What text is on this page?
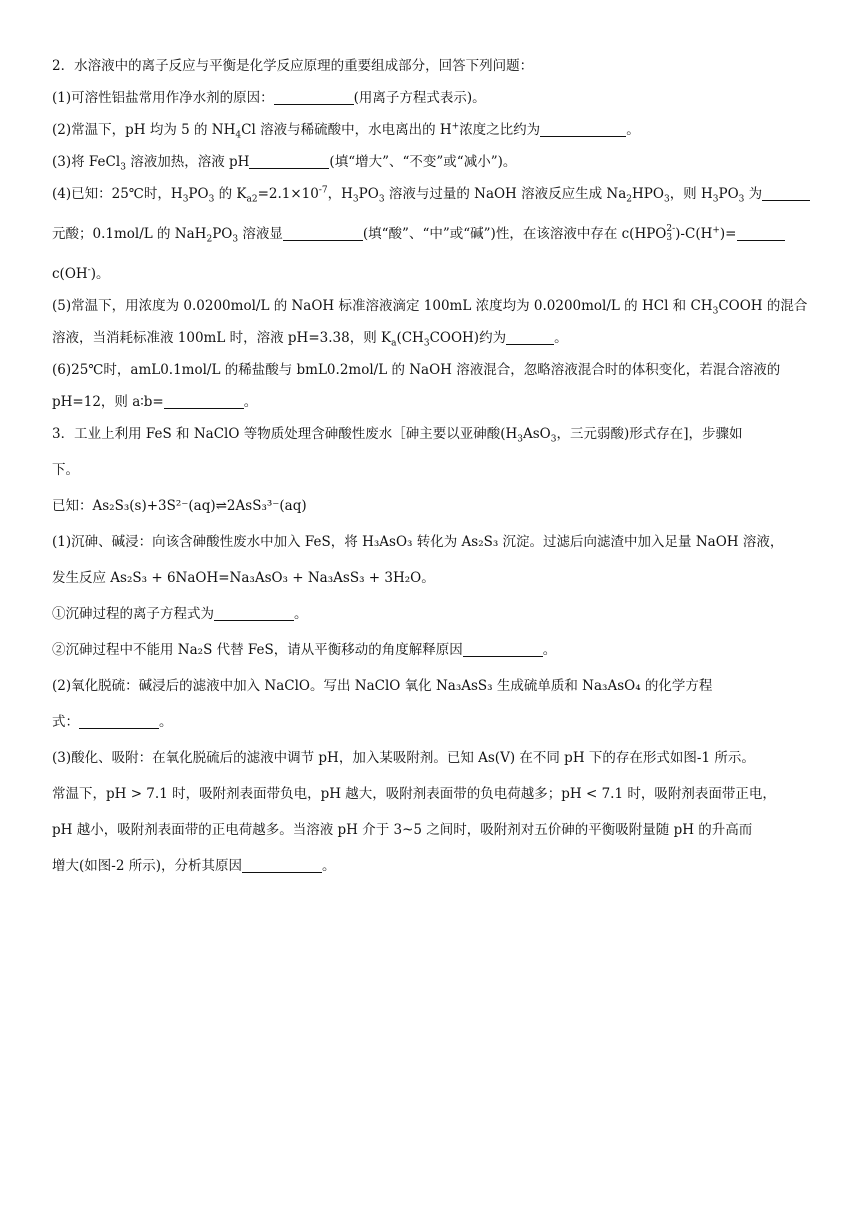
2．水溶液中的离子反应与平衡是化学反应原理的重要组成部分，回答下列问题：
(1)可溶性铝盐常用作净水剂的原因：	(用离子方程式表示)。
(2)常温下，pH 均为 5 的 $NH_4Cl$ 溶液与稀硫酸中，水电离出的 H+浓度之比约为	。
(3)将 FeCl$_3$ 溶液加热，溶液 pH	(填“增大”、“不变”或“减小”)。
(4)已知：25℃时，$H_3PO_3$ 的 $K_{a2}=2.1\times 10^{-7}$，$H_3PO_3$ 溶液与过量的 NaOH 溶液反应生成 $Na_2HPO_3$，则 $H_3PO_3$ 为
元酸；0.1mol/L 的 $NaH_2PO_3$ 溶液显	(填“酸”、“中”或“碱”)性，在该溶液中存在 c(HPO 2-
3 )-C(H+)=
c(OH-)。
(5)常温下，用浓度为 0.0200mol/L 的 NaOH 标准溶液滴定 100mL 浓度均为 0.0200mol/L 的 HCl 和 $CH_3COOH$ 的混合
溶液，当消耗标准液 100mL 时，溶液 pH=3.38，则 $K_a(CH_3COOH)$约为	。
(6)25℃时，amL0.1mol/L 的稀盐酸与 bmL0.2mol/L 的 NaOH 溶液混合，忽略溶液混合时的体积变化，若混合溶液的
pH=12，则 a∶b=	。
3．工业上利用 FeS 和 NaClO 等物质处理含砷酸性废水［砷主要以亚砷酸($H_3AsO_3$，三元弱酸)形式存在]，步骤如
下。
已知：As₂S₃(s)+3S²⁻(aq)⇌2AsS₃³⁻(aq)
(1)沉砷、碱浸：向该含砷酸性废水中加入 FeS，将 H₃AsO₃ 转化为 As₂S₃ 沉淀。过滤后向滤渣中加入足量 NaOH 溶液，
发生反应 As₂S₃ + 6NaOH=Na₃AsO₃ + Na₃AsS₃ + 3H₂O。
①沉砷过程的离子方程式为	。
②沉砷过程中不能用 Na₂S 代替 FeS，请从平衡移动的角度解释原因	。
(2)氧化脱硫：碱浸后的滤液中加入 NaClO。写出 NaClO 氧化 Na₃AsS₃ 生成硫单质和 Na₃AsO₄ 的化学方程
式：	。
(3)酸化、吸附：在氧化脱硫后的滤液中调节 pH，加入某吸附剂。已知 As(V) 在不同 pH 下的存在形式如图-1 所示。
常温下，pH > 7.1 时，吸附剂表面带负电，pH 越大，吸附剂表面带的负电荷越多；pH < 7.1 时，吸附剂表面带正电，
pH 越小，吸附剂表面带的正电荷越多。当溶液 pH 介于 3~5 之间时，吸附剂对五价砷的平衡吸附量随 pH 的升高而
增大(如图-2 所示)，分析其原因	。
